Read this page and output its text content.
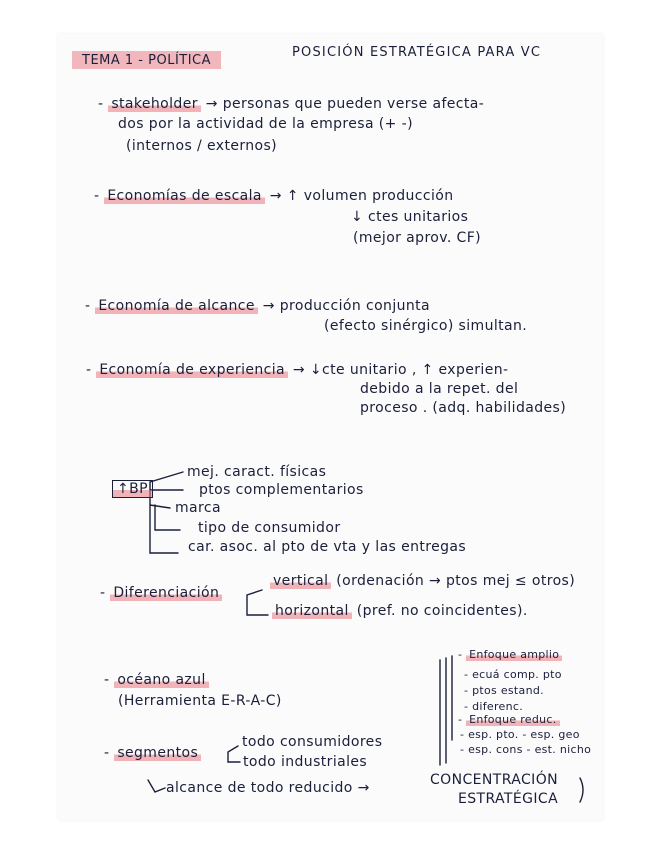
TEMA 1 - POLÍTICA
POSICIÓN ESTRATÉGICA PARA VC
- stakeholder → personas que pueden verse afecta-
dos por la actividad de la empresa (+ -)
(internos / externos)
- Economías de escala → ↑ volumen producción
↓ ctes unitarios
(mejor aprov. CF)
- Economía de alcance → producción conjunta
(efecto sinérgico) simultan.
- Economía de experiencia → ↓cte unitario , ↑ experien-
debido a la repet. del
proceso . (adq. habilidades)
↑BP
mej. caract. físicas
ptos complementarios
marca
tipo de consumidor
car. asoc. al pto de vta y las entregas
- Diferenciación
vertical (ordenación → ptos mej ≤ otros)
horizontal (pref. no coincidentes).
- océano azul
(Herramienta E-R-A-C)
- segmentos
todo consumidores
todo industriales
alcance de todo reducido →	CONCENTRACIÓN
ESTRATÉGICA
- Enfoque amplio
- ecuá comp. pto
- ptos estand.
- diferenc.
- Enfoque reduc.
- esp. pto. - esp. geo
- esp. cons - est. nicho
